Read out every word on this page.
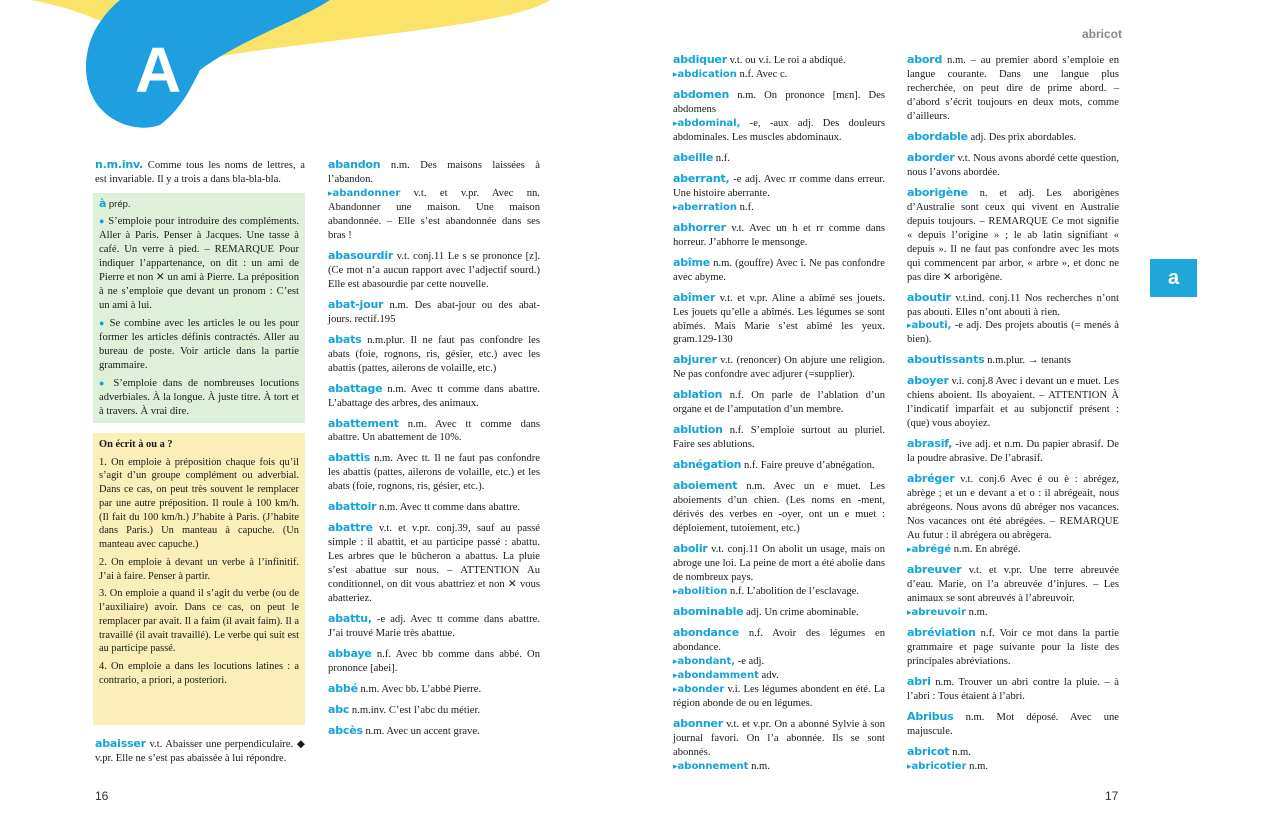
A
16	17
abricot
a
n.m.inv. Comme tous les noms de lettres, a est invariable. Il y a trois a dans bla-bla-bla.
à prép.

● S’emploie pour introduire des compléments. Aller à Paris. Penser à Jacques. Une tasse à café. Un verre à pied. – REMARQUE Pour indiquer l’appartenance, on dit : un ami de Pierre et non ✕ un ami à Pierre. La préposition à ne s’emploie que devant un pronom : C’est un ami à lui.

● Se combine avec les articles le ou les pour former les articles définis contractés. Aller au bureau de poste. Voir article dans la partie grammaire.

● S’emploie dans de nombreuses locutions adverbiales. À la longue. À juste titre. À tort et à travers. À vrai dire.

On écrit à ou a ?

1. On emploie à préposition chaque fois qu’il s’agit d’un groupe complément ou adverbial. Dans ce cas, on peut très souvent le remplacer par une autre préposition. Il roule à 100 km/h. (Il fait du 100 km/h.) J’habite à Paris. (J’habite dans Paris.) Un manteau à capuche. (Un manteau avec capuche.)

2. On emploie à devant un verbe à l’infinitif. J’ai à faire. Penser à partir.

3. On emploie a quand il s’agit du verbe (ou de l’auxiliaire) avoir. Dans ce cas, on peut le remplacer par avait. Il a faim (il avait faim). Il a travaillé (il avait travaillé). Le verbe qui suit est au participe passé.

4. On emploie a dans les locutions latines : a contrario, a priori, a posteriori.

abaisser v.t. Abaisser une perpendiculaire. ◆ v.pr. Elle ne s’est pas abaissée à lui répondre.
abandon n.m. Des maisons laissées à l’abandon.
▸abandonner v.t. et v.pr. Avec nn. Abandonner une maison. Une maison abandonnée. – Elle s’est abandonnée dans ses bras !
abasourdir v.t. conj.11 Le s se prononce [z]. (Ce mot n’a aucun rapport avec l’adjectif sourd.) Elle est abasourdie par cette nouvelle.
abat-jour n.m. Des abat-jour ou des abat-jours. rectif.195
abats n.m.plur. Il ne faut pas confondre les abats (foie, rognons, ris, gésier, etc.) avec les abattis (pattes, ailerons de volaille, etc.)
abattage n.m. Avec tt comme dans abattre. L’abattage des arbres, des animaux.
abattement n.m. Avec tt comme dans abattre. Un abattement de 10%.
abattis n.m. Avec tt. Il ne faut pas confondre les abattis (pattes, ailerons de volaille, etc.) et les abats (foie, rognons, ris, gésier, etc.).
abattoir n.m. Avec tt comme dans abattre.
abattre v.t. et v.pr. conj.39, sauf au passé simple : il abattit, et au participe passé : abattu. Les arbres que le bûcheron a abattus. La pluie s’est abattue sur nous. – ATTENTION Au conditionnel, on dit vous abattriez et non ✕ vous abatteriez.
abattu, -e adj. Avec tt comme dans abattre. J’ai trouvé Marie très abattue.
abbaye n.f. Avec bb comme dans abbé. On prononce [abei].
abbé n.m. Avec bb. L’abbé Pierre.
abc n.m.inv. C’est l’abc du métier.
abcès n.m. Avec un accent grave.
abdiquer v.t. ou v.i. Le roi a abdiqué.
▸abdication n.f. Avec c.
abdomen n.m. On prononce [mɛn]. Des abdomens
▸abdominal, -e, -aux adj. Des douleurs abdominales. Les muscles abdominaux.
abeille n.f.
aberrant, -e adj. Avec rr comme dans erreur. Une histoire aberrante.
▸aberration n.f.
abhorrer v.t. Avec un h et rr comme dans horreur. J’abhorre le mensonge.
abîme n.m. (gouffre) Avec î. Ne pas confondre avec abyme.
abîmer v.t. et v.pr. Aline a abîmé ses jouets. Les jouets qu’elle a abîmés. Les légumes se sont abîmés. Mais Marie s’est abîmé les yeux. gram.129-130
abjurer v.t. (renoncer) On abjure une religion. Ne pas confondre avec adjurer (=supplier).
ablation n.f. On parle de l’ablation d’un organe et de l’amputation d’un membre.
ablution n.f. S’emploie surtout au pluriel. Faire ses ablutions.
abnégation n.f. Faire preuve d’abnégation.
aboiement n.m. Avec un e muet. Les aboiements d’un chien. (Les noms en -ment, dérivés des verbes en -oyer, ont un e muet : déploiement, tutoiement, etc.)
abolir v.t. conj.11 On abolit un usage, mais on abroge une loi. La peine de mort a été abolie dans de nombreux pays.
▸abolition n.f. L’abolition de l’esclavage.
abominable adj. Un crime abominable.
abondance n.f. Avoir des légumes en abondance.
▸abondant, -e adj.
▸abondamment adv.
▸abonder v.i. Les légumes abondent en été. La région abonde de ou en légumes.
abonner v.t. et v.pr. On a abonné Sylvie à son journal favori. On l’a abonnée. Ils se sont abonnés.
▸abonnement n.m.
abord n.m. – au premier abord s’emploie en langue courante. Dans une langue plus recherchée, on peut dire de prime abord. – d’abord s’écrit toujours en deux mots, comme d’ailleurs.
abordable adj. Des prix abordables.
aborder v.t. Nous avons abordé cette question, nous l’avons abordée.
aborigène n. et adj. Les aborigènes d’Australie sont ceux qui vivent en Australie depuis toujours. – REMARQUE Ce mot signifie « depuis l’origine » ; le ab latin signifiant « depuis ». Il ne faut pas confondre avec les mots qui commencent par arbor, « arbre », et donc ne pas dire ✕ arborigène.
aboutir v.t.ind. conj.11 Nos recherches n’ont pas abouti. Elles n’ont abouti à rien.
▸abouti, -e adj. Des projets aboutis (= menés à bien).
aboutissants n.m.plur. → tenants
aboyer v.i. conj.8 Avec i devant un e muet. Les chiens aboient. Ils aboyaient. – ATTENTION À l’indicatif imparfait et au subjonctif présent : (que) vous aboyiez.
abrasif, -ive adj. et n.m. Du papier abrasif. De la poudre abrasive. De l’abrasif.
abréger v.t. conj.6 Avec é ou è : abrégez, abrège ; et un e devant a et o : il abrégeait, nous abrégeons. Nous avons dû abréger nos vacances. Nos vacances ont été abrégées. – REMARQUE Au futur : il abrégera ou abrègera.
▸abrégé n.m. En abrégé.
abreuver v.t. et v.pr. Une terre abreuvée d’eau. Marie, on l’a abreuvée d’injures. – Les animaux se sont abreuvés à l’abreuvoir.
▸abreuvoir n.m.
abréviation n.f. Voir ce mot dans la partie grammaire et page suivante pour la liste des principales abréviations.
abri n.m. Trouver un abri contre la pluie. – à l’abri : Tous étaient à l’abri.
Abribus n.m. Mot déposé. Avec une majuscule.
abricot n.m.
▸abricotier n.m.
